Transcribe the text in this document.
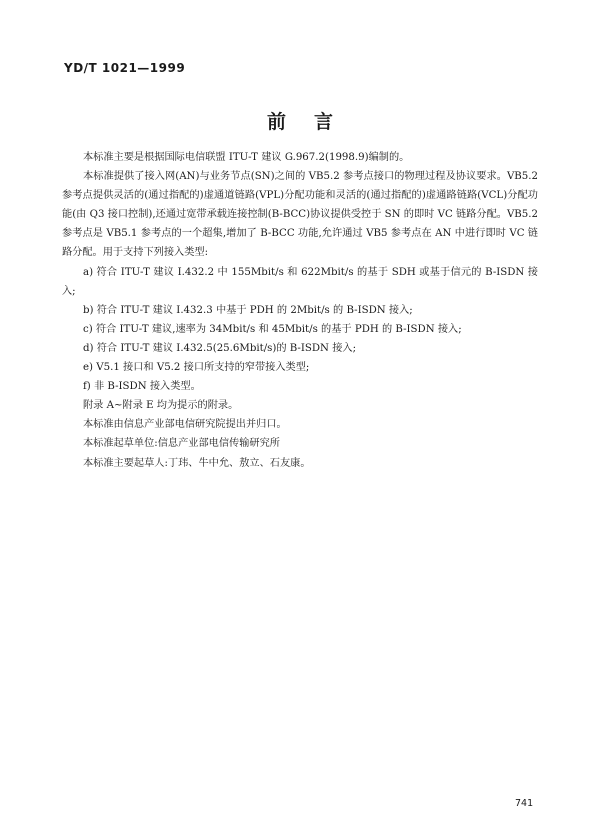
YD/T 1021—1999
前言

本标准主要是根据国际电信联盟 ITU-T 建议 G.967.2(1998.9)编制的。

本标准提供了接入网(AN)与业务节点(SN)之间的 VB5.2 参考点接口的物理过程及协议要求。VB5.2 参考点提供灵活的(通过指配的)虚通道链路(VPL)分配功能和灵活的(通过指配的)虚通路链路(VCL)分配功能(由 Q3 接口控制),还通过宽带承载连接控制(B-BCC)协议提供受控于 SN 的即时 VC 链路分配。VB5.2 参考点是 VB5.1 参考点的一个超集,增加了 B-BCC 功能,允许通过 VB5 参考点在 AN 中进行即时 VC 链路分配。用于支持下列接入类型:

a) 符合 ITU-T 建议 I.432.2 中 155Mbit/s 和 622Mbit/s 的基于 SDH 或基于信元的 B-ISDN 接入;

b) 符合 ITU-T 建议 I.432.3 中基于 PDH 的 2Mbit/s 的 B-ISDN 接入;

c) 符合 ITU-T 建议,速率为 34Mbit/s 和 45Mbit/s 的基于 PDH 的 B-ISDN 接入;

d) 符合 ITU-T 建议 I.432.5(25.6Mbit/s)的 B-ISDN 接入;

e) V5.1 接口和 V5.2 接口所支持的窄带接入类型;

f) 非 B-ISDN 接入类型。

附录 A~附录 E 均为提示的附录。

本标准由信息产业部电信研究院提出并归口。

本标准起草单位:信息产业部电信传输研究所

本标准主要起草人:丁玮、牛中允、敖立、石友康。

741
